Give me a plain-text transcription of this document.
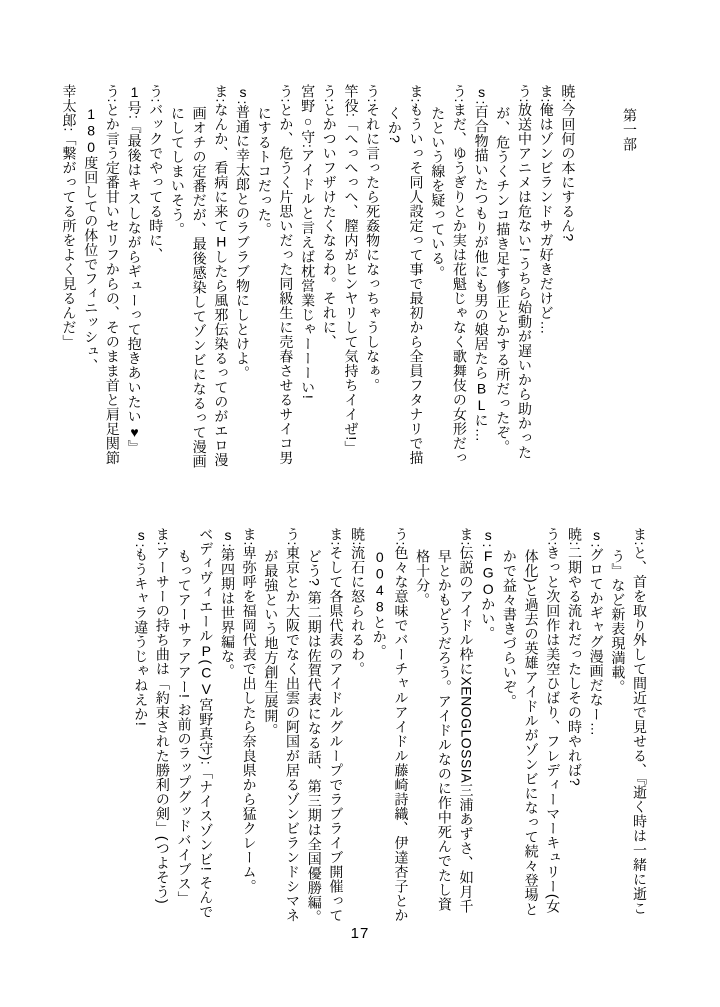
第一部

暁:今回何の本にするん?

ま:俺はゾンビランドサガ好きだけど…

う:放送中アニメは危ない! うちら始動が遅いから助かったが、危うくチンコ描き足す修正とかする所だったぞ。

s:百合物描いたつもりが他にも男の娘居たらBLに…

う:まだ、ゆうぎりとか実は花魁じゃなく歌舞伎の女形だったという線を疑っている。

ま:もういっそ同人設定って事で最初から全員フタナリで描くか?

う:それに言ったら死姦物になっちゃうしなぁ。

竿役:「へっへっへ、膣内がヒンヤリして気持ちイイぜ!」

う:とかついフザけたくなるわ。それに、

宮野○守:アイドルと言えば枕営業じゃーーーい!

う:とか、危うく片思いだった同級生に売春させるサイコ男にするトコだった。

s:普通に幸太郎とのラブラブ物にしとけよ。

ま:なんか、看病に来てHしたら風邪伝染るってのがエロ漫画オチの定番だが、最後感染してゾンビになるって漫画にしてしまいそう。

う:バックでやってる時に、

1号:『最後はキスしながらギューって抱きあいたい♥』

う:とか言う定番甘いセリフからの、そのまま首と肩足関節180度回しての体位でフィニッシュ、

幸太郎:「繋がってる所をよく見るんだ」

ま:と、首を取り外して間近で見せる、『逝く時は一緒に逝こう』など新表現満載。

s:グロてかギャグ漫画だなー…

暁:二期やる流れだったしその時やれば?

う:きっと次回作は美空ひばり、フレディーマーキュリー(女体化)と過去の英雄アイドルがゾンビになって続々登場とかで益々書きづらいぞ。

s:FGOかい。

ま:伝説のアイドル枠にXENOGLOSSIA三浦あずさ、如月千早とかもどうだろう。アイドルなのに作中死んでたし資格十分。

う:色々な意味でバーチャルアイドル藤崎詩織、伊達杏子とか0048とか。

暁:流石に怒られるわ。

ま:そして各県代表のアイドルグループでラブライブ開催ってどう? 第二期は佐賀代表になる話、第三期は全国優勝編。

う:東京とか大阪でなく出雲の阿国が居るゾンビランドシマネが最強という地方創生展開。

ま:卑弥呼を福岡代表で出したら奈良県から猛クレーム。

s:第四期は世界編な。

ベディヴィエールP(CV宮野真守):「ナイスゾンビ! そんでもってアーサァアアー! お前のラップグッドバイブス」

ま:アーサーの持ち曲は「約束された勝利の剣」(つよそう)

s:もうキャラ違うじゃねえか!

17
